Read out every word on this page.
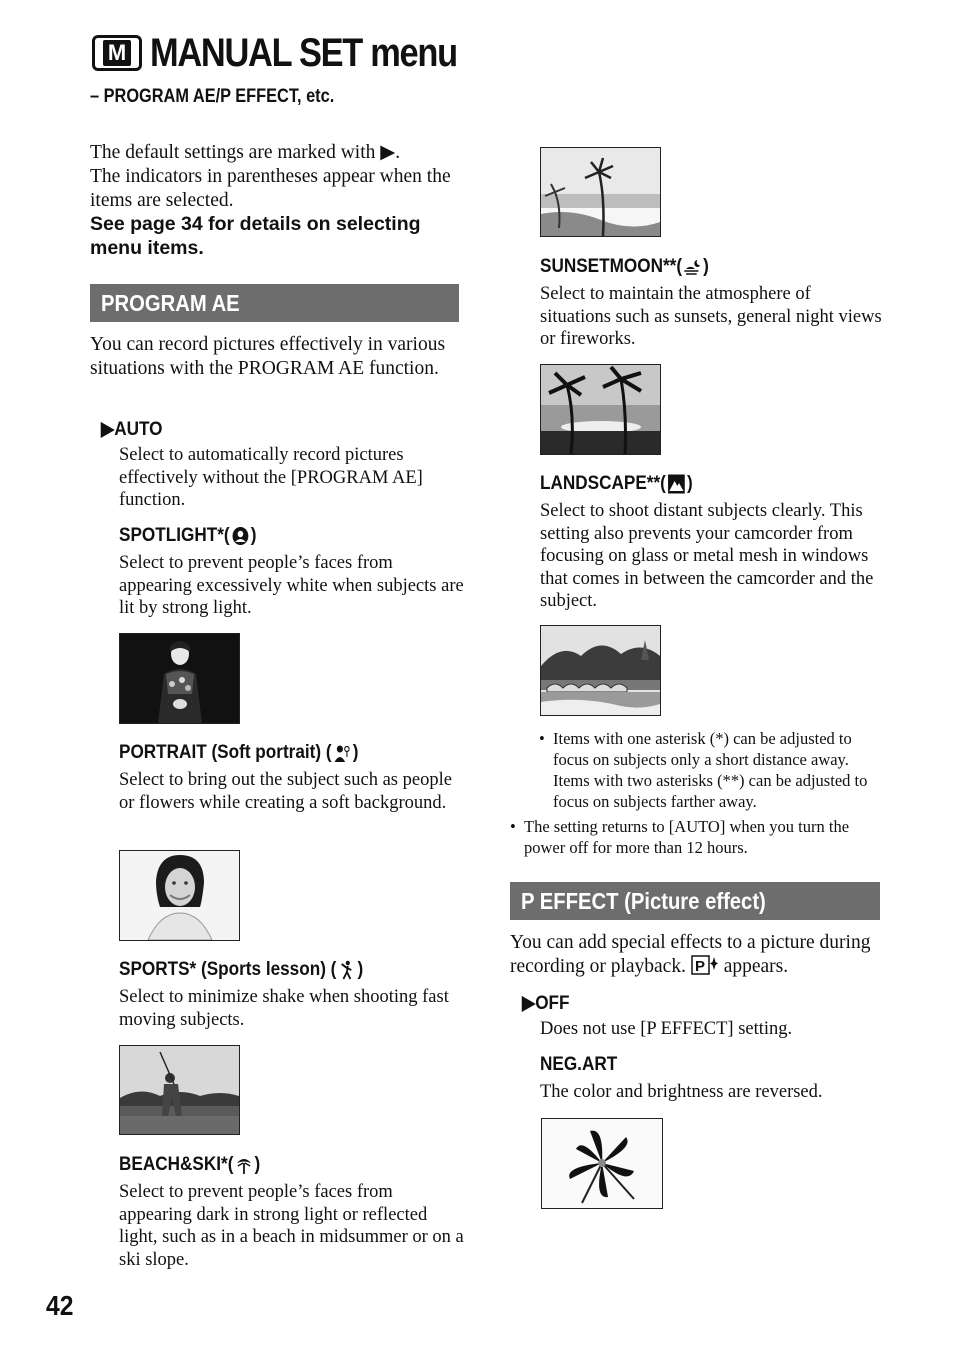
M MANUAL SET menu
– PROGRAM AE/P EFFECT, etc.
The default settings are marked with ▶.
The indicators in parentheses appear when the items are selected.
See page 34 for details on selecting menu items.
PROGRAM AE
You can record pictures effectively in various situations with the PROGRAM AE function.
▶AUTO
Select to automatically record pictures effectively without the [PROGRAM AE] function.
SPOTLIGHT*( )
Select to prevent people’s faces from appearing excessively white when subjects are lit by strong light.
PORTRAIT (Soft portrait) ( )
Select to bring out the subject such as people or flowers while creating a soft background.
SPORTS* (Sports lesson) ( )
Select to minimize shake when shooting fast moving subjects.
BEACH&SKI*( )
Select to prevent people’s faces from appearing dark in strong light or reflected light, such as in a beach in midsummer or on a ski slope.
SUNSETMOON**( )
Select to maintain the atmosphere of situations such as sunsets, general night views or fireworks.
LANDSCAPE**( )
Select to shoot distant subjects clearly. This setting also prevents your camcorder from focusing on glass or metal mesh in windows that comes in between the camcorder and the subject.
• Items with one asterisk (*) can be adjusted to focus on subjects only a short distance away. Items with two asterisks (**) can be adjusted to focus on subjects farther away.
• The setting returns to [AUTO] when you turn the power off for more than 12 hours.
P EFFECT (Picture effect)
You can add special effects to a picture during recording or playback. P appears.
▶OFF
Does not use [P EFFECT] setting.
NEG.ART
The color and brightness are reversed.
42
